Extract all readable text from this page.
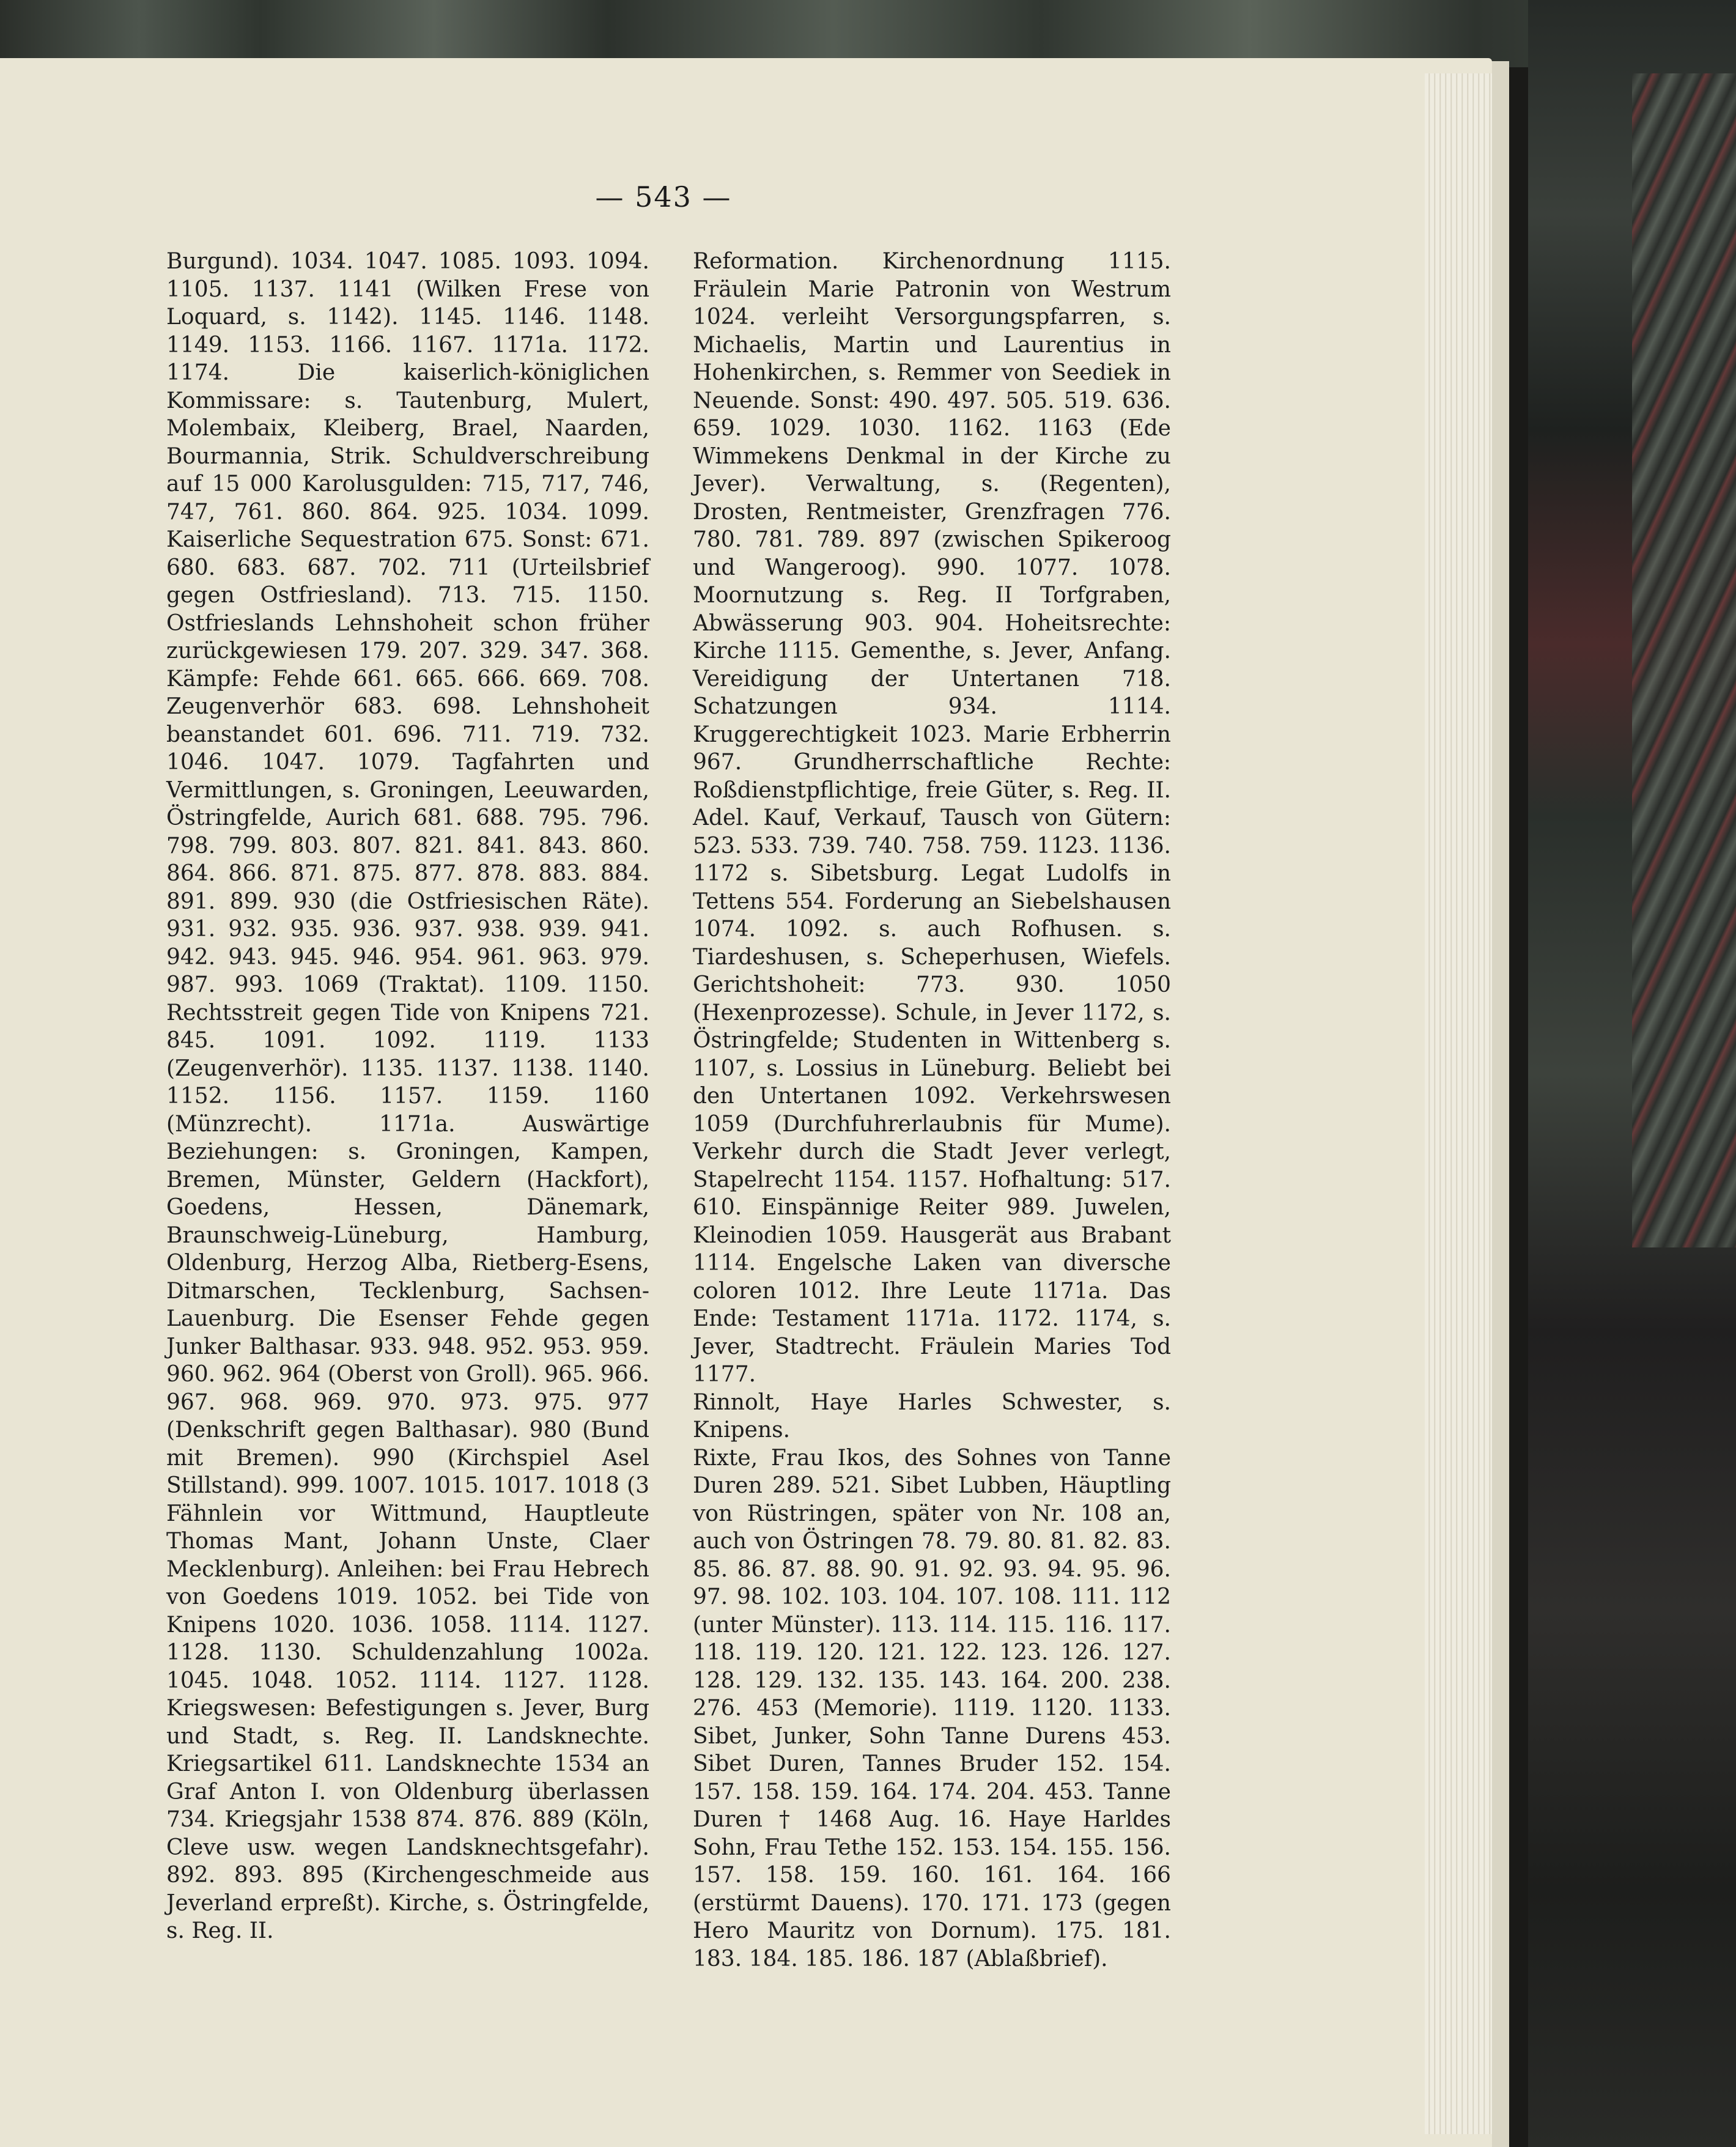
— 543 —

Burgund). 1034. 1047. 1085. 1093. 1094. 1105. 1137. 1141 (Wilken Frese von Loquard, s. 1142). 1145. 1146. 1148. 1149. 1153. 1166. 1167. 1171a. 1172. 1174. Die kaiserlich-königlichen Kommissare: s. Tautenburg, Mulert, Molembaix, Kleiberg, Brael, Naarden, Bourmannia, Strik. Schuldverschreibung auf 15 000 Karolusgulden: 715, 717, 746, 747, 761. 860. 864. 925. 1034. 1099. Kaiserliche Sequestration 675. Sonst: 671. 680. 683. 687. 702. 711 (Urteilsbrief gegen Ostfriesland). 713. 715. 1150. Ostfrieslands Lehnshoheit schon früher zurückgewiesen 179. 207. 329. 347. 368. Kämpfe: Fehde 661. 665. 666. 669. 708. Zeugenverhör 683. 698. Lehnshoheit beanstandet 601. 696. 711. 719. 732. 1046. 1047. 1079. Tagfahrten und Vermittlungen, s. Groningen, Leeuwarden, Östringfelde, Aurich 681. 688. 795. 796. 798. 799. 803. 807. 821. 841. 843. 860. 864. 866. 871. 875. 877. 878. 883. 884. 891. 899. 930 (die Ostfriesischen Räte). 931. 932. 935. 936. 937. 938. 939. 941. 942. 943. 945. 946. 954. 961. 963. 979. 987. 993. 1069 (Traktat). 1109. 1150. Rechtsstreit gegen Tide von Knipens 721. 845. 1091. 1092. 1119. 1133 (Zeugenverhör). 1135. 1137. 1138. 1140. 1152. 1156. 1157. 1159. 1160 (Münzrecht). 1171a. Auswärtige Beziehungen: s. Groningen, Kampen, Bremen, Münster, Geldern (Hackfort), Goedens, Hessen, Dänemark, Braunschweig-Lüneburg, Hamburg, Oldenburg, Herzog Alba, Rietberg-Esens, Ditmarschen, Tecklenburg, Sachsen-Lauenburg. Die Esenser Fehde gegen Junker Balthasar. 933. 948. 952. 953. 959. 960. 962. 964 (Oberst von Groll). 965. 966. 967. 968. 969. 970. 973. 975. 977 (Denkschrift gegen Balthasar). 980 (Bund mit Bremen). 990 (Kirchspiel Asel Stillstand). 999. 1007. 1015. 1017. 1018 (3 Fähnlein vor Wittmund, Hauptleute Thomas Mant, Johann Unste, Claer Mecklenburg). Anleihen: bei Frau Hebrech von Goedens 1019. 1052. bei Tide von Knipens 1020. 1036. 1058. 1114. 1127. 1128. 1130. Schuldenzahlung 1002a. 1045. 1048. 1052. 1114. 1127. 1128. Kriegswesen: Befestigungen s. Jever, Burg und Stadt, s. Reg. II. Landsknechte. Kriegsartikel 611. Landsknechte 1534 an Graf Anton I. von Oldenburg überlassen 734. Kriegsjahr 1538 874. 876. 889 (Köln, Cleve usw. wegen Landsknechtsgefahr). 892. 893. 895 (Kirchengeschmeide aus Jeverland erpreßt). Kirche, s. Östringfelde, s. Reg. II.

Reformation. Kirchenordnung 1115. Fräulein Marie Patronin von Westrum 1024. verleiht Versorgungspfarren, s. Michaelis, Martin und Laurentius in Hohenkirchen, s. Remmer von Seediek in Neuende. Sonst: 490. 497. 505. 519. 636. 659. 1029. 1030. 1162. 1163 (Ede Wimmekens Denkmal in der Kirche zu Jever). Verwaltung, s. (Regenten), Drosten, Rentmeister, Grenzfragen 776. 780. 781. 789. 897 (zwischen Spikeroog und Wangeroog). 990. 1077. 1078. Moornutzung s. Reg. II Torfgraben, Abwässerung 903. 904. Hoheitsrechte: Kirche 1115. Gementhe, s. Jever, Anfang. Vereidigung der Untertanen 718. Schatzungen 934. 1114. Kruggerechtigkeit 1023. Marie Erbherrin 967. Grundherrschaftliche Rechte: Roßdienstpflichtige, freie Güter, s. Reg. II. Adel. Kauf, Verkauf, Tausch von Gütern: 523. 533. 739. 740. 758. 759. 1123. 1136. 1172 s. Sibetsburg. Legat Ludolfs in Tettens 554. Forderung an Siebelshausen 1074. 1092. s. auch Rofhusen. s. Tiardeshusen, s. Scheperhusen, Wiefels. Gerichtshoheit: 773. 930. 1050 (Hexenprozesse). Schule, in Jever 1172, s. Östringfelde; Studenten in Wittenberg s. 1107, s. Lossius in Lüneburg. Beliebt bei den Untertanen 1092. Verkehrswesen 1059 (Durchfuhrerlaubnis für Mume). Verkehr durch die Stadt Jever verlegt, Stapelrecht 1154. 1157. Hofhaltung: 517. 610. Einspännige Reiter 989. Juwelen, Kleinodien 1059. Hausgerät aus Brabant 1114. Engelsche Laken van diversche coloren 1012. Ihre Leute 1171a. Das Ende: Testament 1171a. 1172. 1174, s. Jever, Stadtrecht. Fräulein Maries Tod 1177.

Rinnolt, Haye Harles Schwester, s. Knipens.

Rixte, Frau Ikos, des Sohnes von Tanne Duren 289. 521. Sibet Lubben, Häuptling von Rüstringen, später von Nr. 108 an, auch von Östringen 78. 79. 80. 81. 82. 83. 85. 86. 87. 88. 90. 91. 92. 93. 94. 95. 96. 97. 98. 102. 103. 104. 107. 108. 111. 112 (unter Münster). 113. 114. 115. 116. 117. 118. 119. 120. 121. 122. 123. 126. 127. 128. 129. 132. 135. 143. 164. 200. 238. 276. 453 (Memorie). 1119. 1120. 1133. Sibet, Junker, Sohn Tanne Durens 453. Sibet Duren, Tannes Bruder 152. 154. 157. 158. 159. 164. 174. 204. 453. Tanne Duren † 1468 Aug. 16. Haye Harldes Sohn, Frau Tethe 152. 153. 154. 155. 156. 157. 158. 159. 160. 161. 164. 166 (erstürmt Dauens). 170. 171. 173 (gegen Hero Mauritz von Dornum). 175. 181. 183. 184. 185. 186. 187 (Ablaßbrief).
